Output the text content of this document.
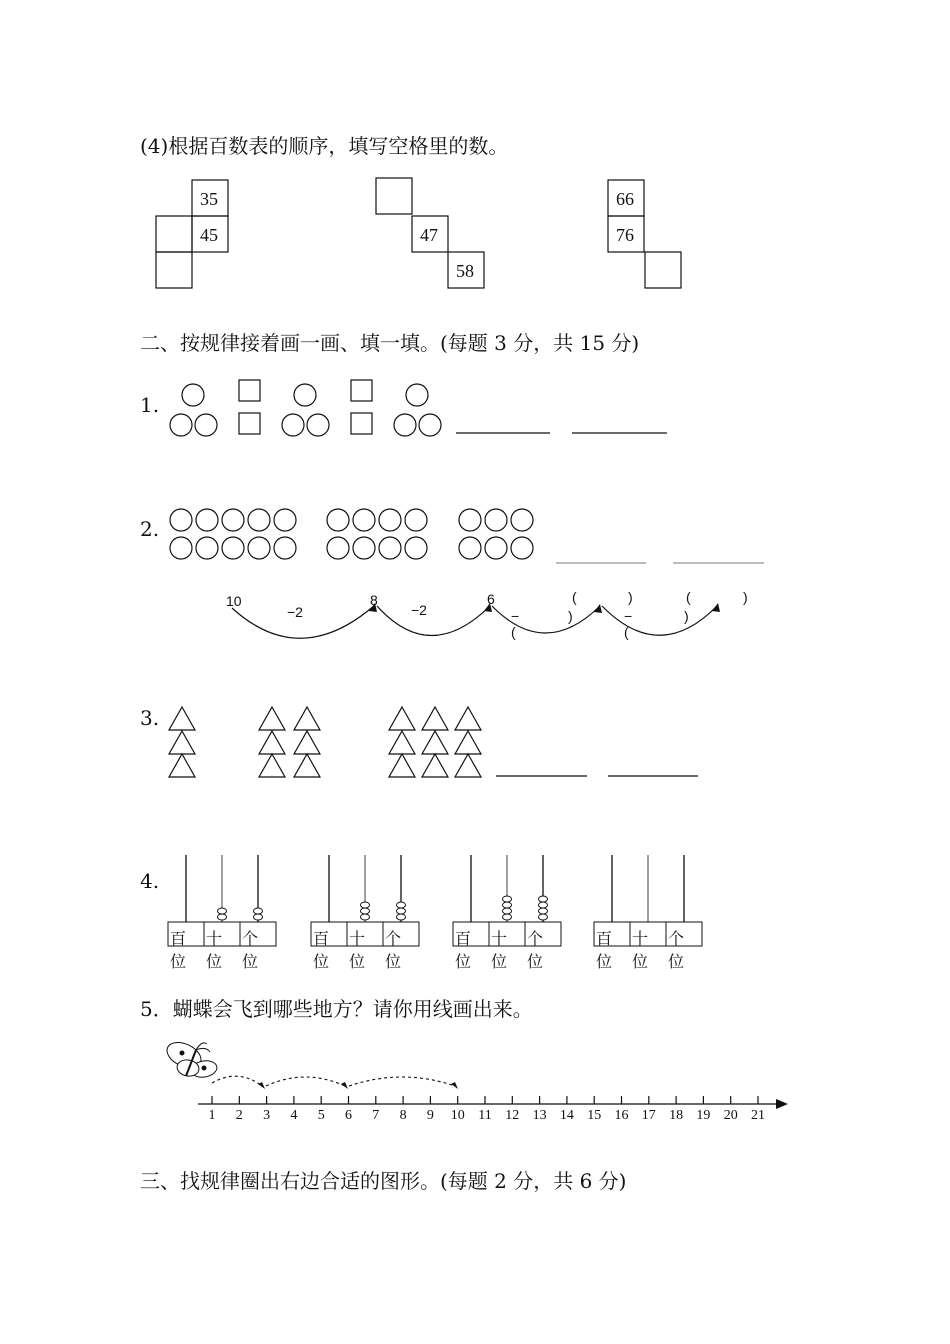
(4)根据百数表的顺序，填写空格里的数。
35
45	47
58
66
76
二、按规律接着画一画、填一填。(每题 3 分，共 15 分)
1.
2.
10
−2
8
−2
6	(	)
−(
)
(	)
−(
)
3.
4.
百位
十位
个位
百位
十位
个位
百位
十位
个位
百位
十位
个位
5．蝴蝶会飞到哪些地方？请你用线画出来。
1	2	3	4	5	6	7	8	9	10 11 12 13 14 15 16 17 18 19 20 21
三、找规律圈出右边合适的图形。(每题 2 分，共 6 分)
